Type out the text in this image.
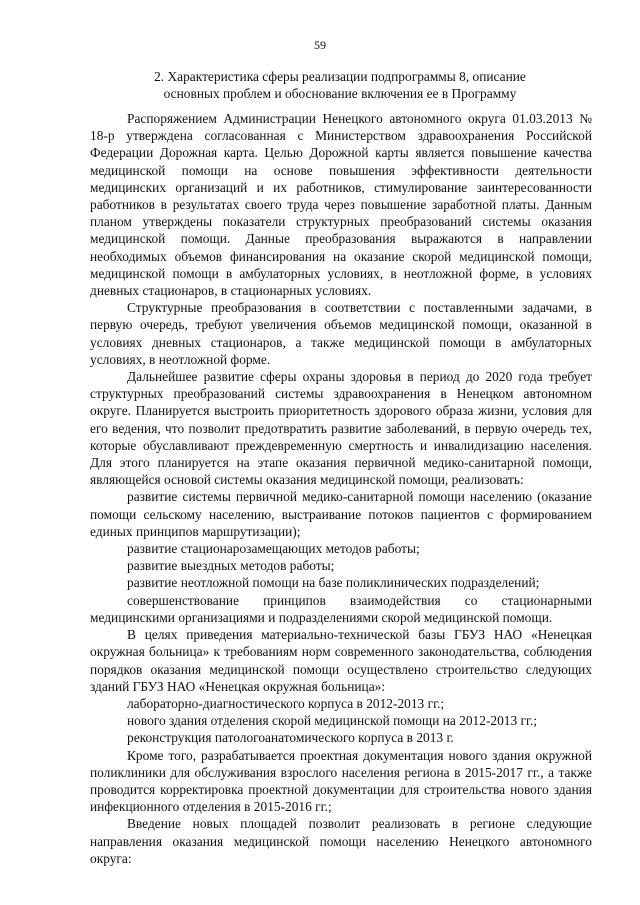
59
2. Характеристика сферы реализации подпрограммы 8, описание
основных проблем и обоснование включения ее в Программу

Распоряжением Администрации Ненецкого автономного округа 01.03.2013 № 18-р утверждена согласованная с Министерством здравоохранения Российской Федерации Дорожная карта. Целью Дорожной карты является повышение качества медицинской помощи на основе повышения эффективности деятельности медицинских организаций и их работников, стимулирование заинтересованности работников в результатах своего труда через повышение заработной платы. Данным планом утверждены показатели структурных преобразований системы оказания медицинской помощи. Данные преобразования выражаются в направлении необходимых объемов финансирования на оказание скорой медицинской помощи, медицинской помощи в амбулаторных условиях, в неотложной форме, в условиях дневных стационаров, в стационарных условиях.

Структурные преобразования в соответствии с поставленными задачами, в первую очередь, требуют увеличения объемов медицинской помощи, оказанной в условиях дневных стационаров, а также медицинской помощи в амбулаторных условиях, в неотложной форме.

Дальнейшее развитие сферы охраны здоровья в период до 2020 года требует структурных преобразований системы здравоохранения в Ненецком автономном округе. Планируется выстроить приоритетность здорового образа жизни, условия для его ведения, что позволит предотвратить развитие заболеваний, в первую очередь тех, которые обуславливают преждевременную смертность и инвалидизацию населения. Для этого планируется на этапе оказания первичной медико-санитарной помощи, являющейся основой системы оказания медицинской помощи, реализовать:

развитие системы первичной медико-санитарной помощи населению (оказание помощи сельскому населению, выстраивание потоков пациентов с формированием единых принципов маршрутизации);

развитие стационарозамещающих методов работы;

развитие выездных методов работы;

развитие неотложной помощи на базе поликлинических подразделений;

совершенствование принципов взаимодействия со стационарными медицинскими организациями и подразделениями скорой медицинской помощи.

В целях приведения материально-технической базы ГБУЗ НАО «Ненецкая окружная больница» к требованиям норм современного законодательства, соблюдения порядков оказания медицинской помощи осуществлено строительство следующих зданий ГБУЗ НАО «Ненецкая окружная больница»:

лабораторно-диагностического корпуса в 2012-2013 гг.;

нового здания отделения скорой медицинской помощи на 2012-2013 гг.;

реконструкция патологоанатомического корпуса в 2013 г.

Кроме того, разрабатывается проектная документация нового здания окружной поликлиники для обслуживания взрослого населения региона в 2015-2017 гг., а также проводится корректировка проектной документации для строительства нового здания инфекционного отделения в 2015-2016 гг.;

Введение новых площадей позволит реализовать в регионе следующие направления оказания медицинской помощи населению Ненецкого автономного округа:
